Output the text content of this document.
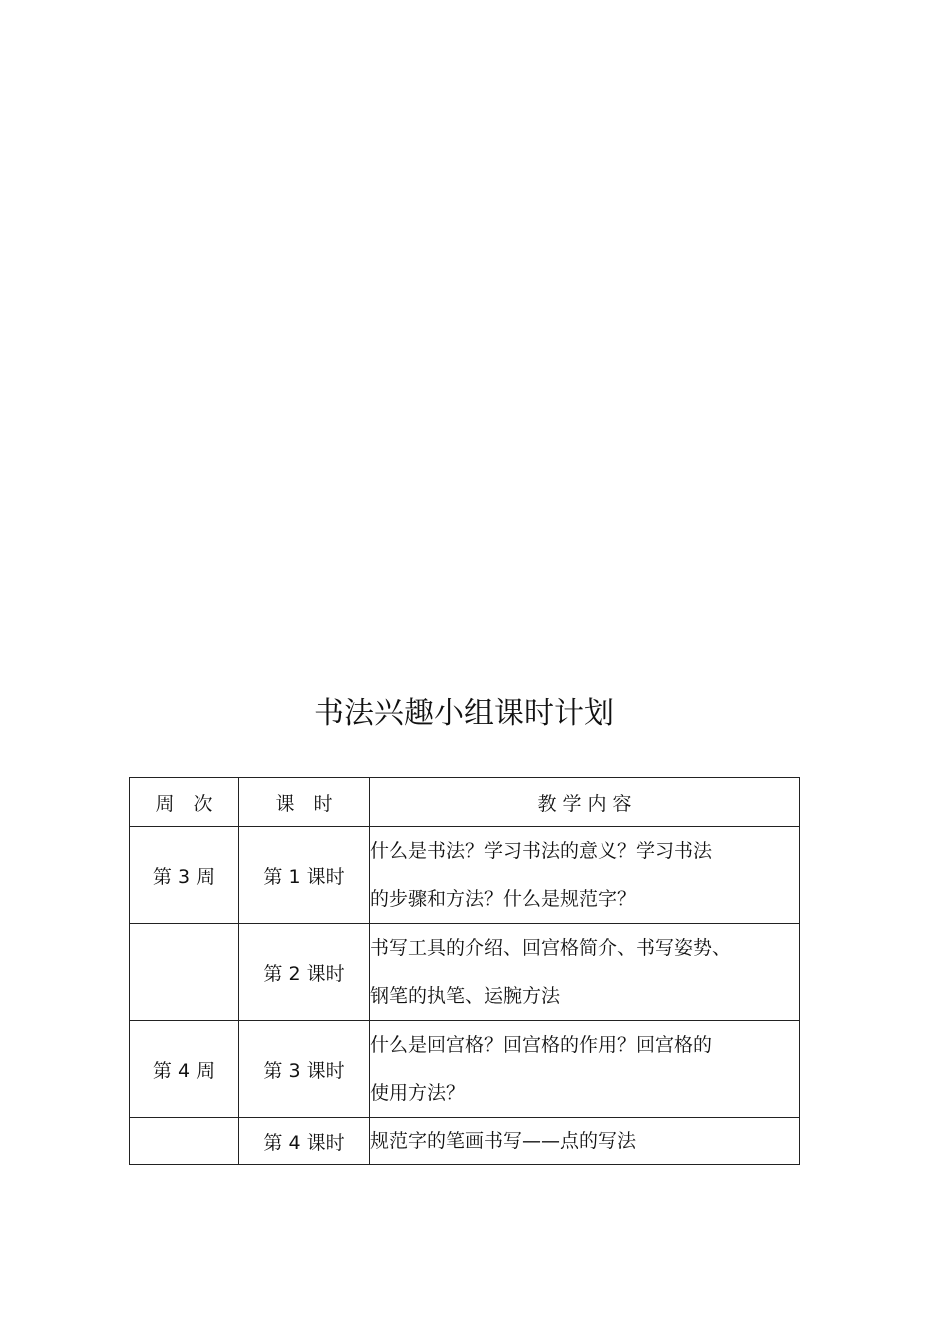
书法兴趣小组课时计划
周　次	课　时	教 学 内 容
第 3 周	第 1 课时	什么是书法？学习书法的意义？学习书法
的步骤和方法？什么是规范字？

	第 2 课时	书写工具的介绍、回宫格简介、书写姿势、
钢笔的执笔、运腕方法

第 4 周	第 3 课时	什么是回宫格？回宫格的作用？回宫格的
使用方法？

	第 4 课时	规范字的笔画书写——点的写法
